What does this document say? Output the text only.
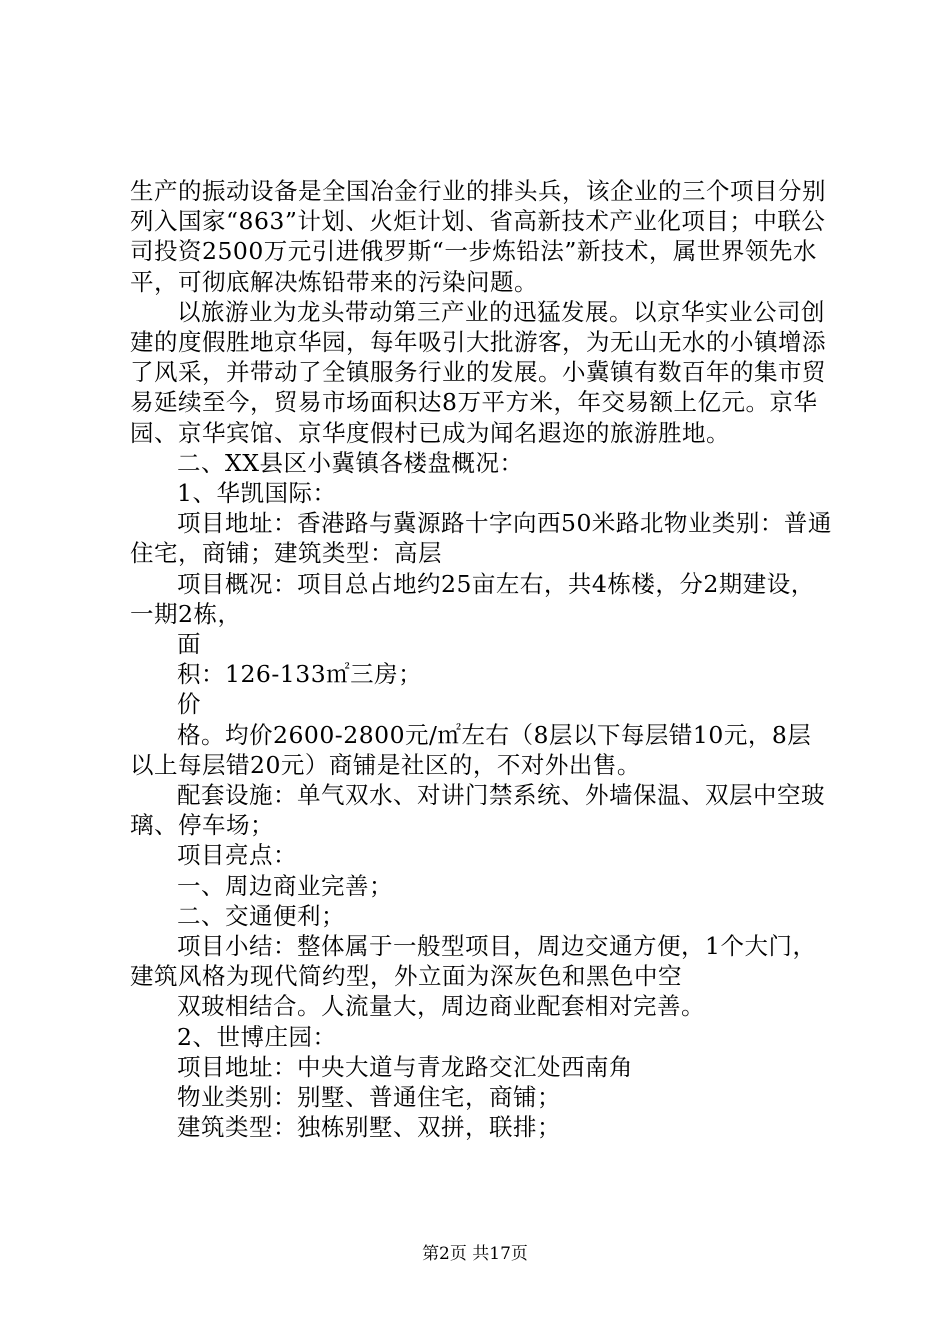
生产的振动设备是全国冶金行业的排头兵，该企业的三个项目分别列入国家“863”计划、火炬计划、省高新技术产业化项目；中联公司投资2500万元引进俄罗斯“一步炼铅法”新技术，属世界领先水平，可彻底解决炼铅带来的污染问题。

以旅游业为龙头带动第三产业的迅猛发展。以京华实业公司创建的度假胜地京华园，每年吸引大批游客，为无山无水的小镇增添了风采，并带动了全镇服务行业的发展。小冀镇有数百年的集市贸易延续至今，贸易市场面积达8万平方米，年交易额上亿元。京华园、京华宾馆、京华度假村已成为闻名遐迩的旅游胜地。

二、XX县区小冀镇各楼盘概况：

1、华凯国际：

项目地址：香港路与冀源路十字向西50米路北物业类别：普通住宅，商铺；建筑类型：高层

项目概况：项目总占地约25亩左右，共4栋楼，分2期建设，一期2栋，

面

积：126-133㎡三房；

价

格。均价2600-2800元/㎡左右（8层以下每层错10元，8层以上每层错20元）商铺是社区的，不对外出售。

配套设施：单气双水、对讲门禁系统、外墙保温、双层中空玻璃、停车场；

项目亮点：

一、周边商业完善；

二、交通便利；

项目小结：整体属于一般型项目，周边交通方便，1个大门，建筑风格为现代简约型，外立面为深灰色和黑色中空

双玻相结合。人流量大，周边商业配套相对完善。

2、世博庄园：

项目地址：中央大道与青龙路交汇处西南角

物业类别：别墅、普通住宅，商铺；

建筑类型：独栋别墅、双拼，联排；

第2页 共17页
